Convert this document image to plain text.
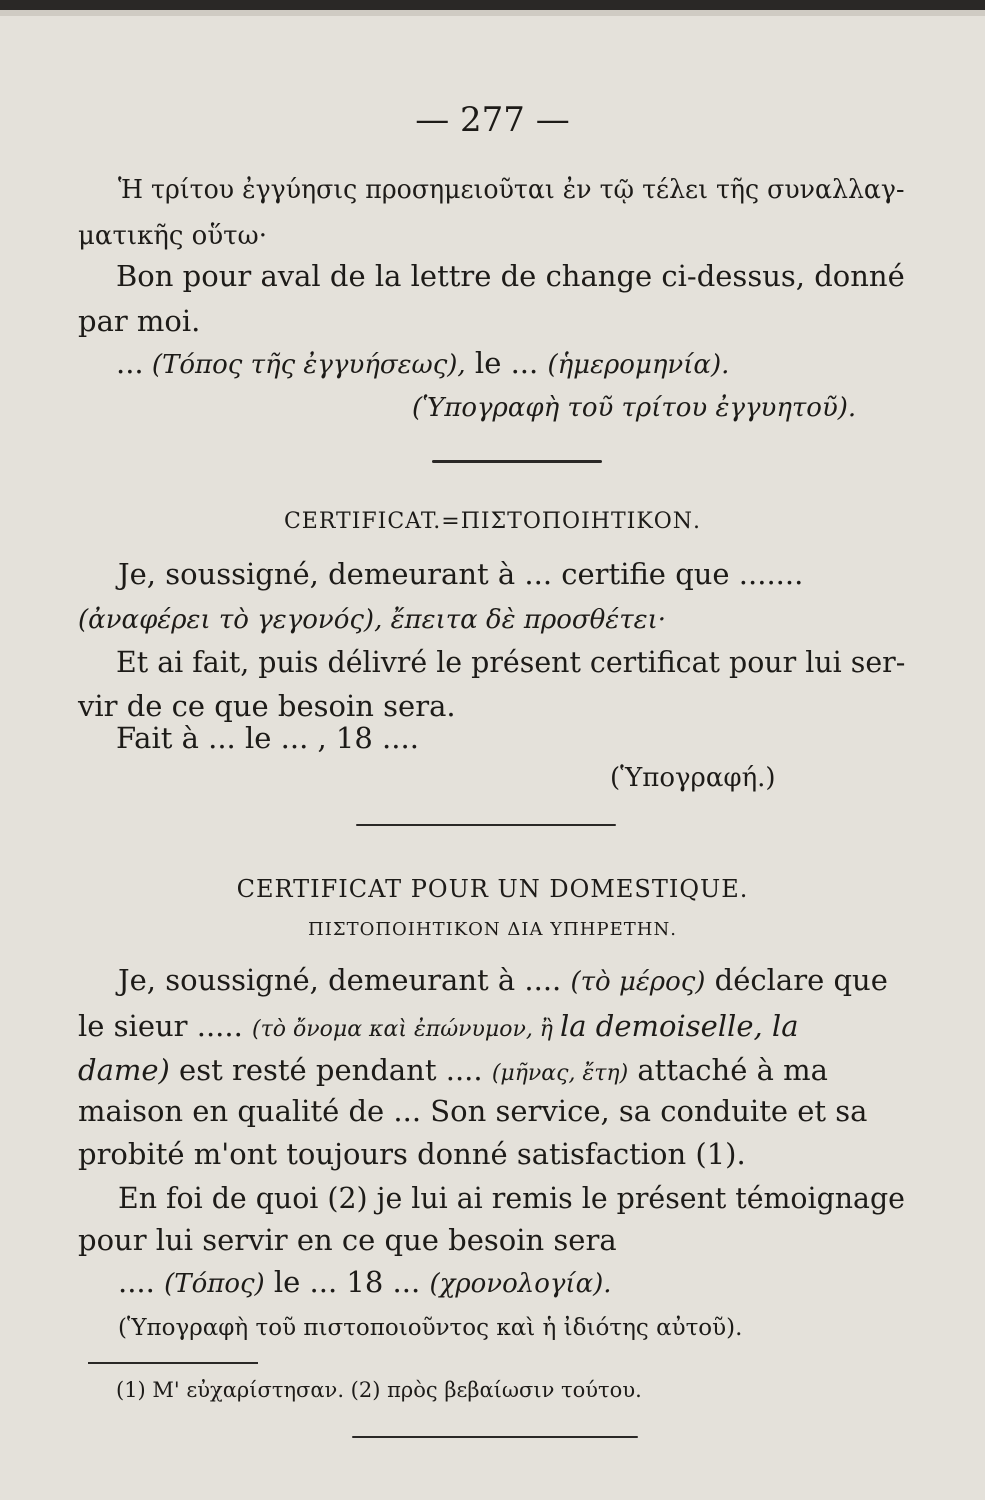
— 277 —
Ἡ τρίτου ἐγγύησις προσημειοῦται ἐν τῷ τέλει τῆς συναλλαγ-
ματικῆς οὕτω·
Bon pour aval de la lettre de change ci-dessus, donné
par moi.
... (Τόπος τῆς ἐγγυήσεως), le ... (ἡμερομηνία).
(Ὑπογραφὴ τοῦ τρίτου ἐγγυητοῦ).
CERTIFICAT.=ΠΙΣΤΟΠΟΙΗΤΙΚΟΝ.
Je, soussigné, demeurant à ... certifie que .......
(ἀναφέρει τὸ γεγονός), ἔπειτα δὲ προσθέτει·
Et ai fait, puis délivré le présent certificat pour lui ser-
vir de ce que besoin sera.
Fait à ... le ... , 18 ....
(Ὑπογραφή.)
CERTIFICAT POUR UN DOMESTIQUE.
ΠΙΣΤΟΠΟΙΗΤΙΚΟΝ ΔΙΑ ΥΠΗΡΕΤΗΝ.
Je, soussigné, demeurant à .... (τὸ μέρος) déclare que
le sieur ..... (τὸ ὄνομα καὶ ἐπώνυμον, ἢ la demoiselle, la
dame) est resté pendant .... (μῆνας, ἔτη) attaché à ma
maison en qualité de ... Son service, sa conduite et sa
probité m'ont toujours donné satisfaction (1).
En foi de quoi (2) je lui ai remis le présent témoignage
pour lui servir en ce que besoin sera
.... (Τόπος) le ... 18 ... (χρονολογία).
(Ὑπογραφὴ τοῦ πιστοποιοῦντος καὶ ἡ ἰδιότης αὐτοῦ).
(1) Μ' εὐχαρίστησαν. (2) πρὸς βεβαίωσιν τούτου.
